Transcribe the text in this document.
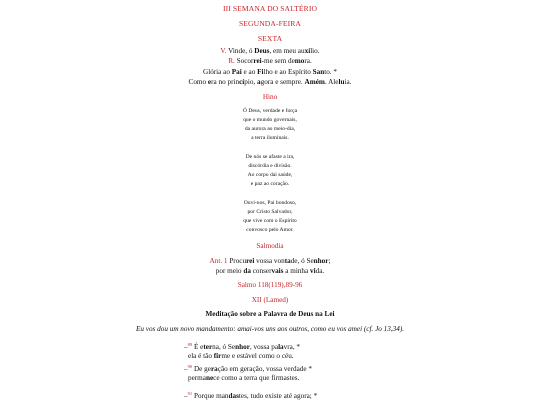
III SEMANA DO SALTÉRIO
SEGUNDA-FEIRA
SEXTA
V. Vinde, ó Deus, em meu auxílio.
R. Socorrei-me sem demora.
Glória ao Pai e ao Filho e ao Espírito Santo. *
Como era no princípio, agora e sempre. Amém. Aleluia.
Hino
Ó Deus, verdade e força
que o mundo governais,
da aurora ao meio-dia,
a terra iluminais.
De nós se afaste a ira,
discórdia e divisão.
Ao corpo dai saúde,
e paz ao coração.
Ouvi-nos, Pai bondoso,
por Cristo Salvador,
que vive com o Espírito
convosco pelo Amor.
Salmodia
Ant. 1 Procurei vossa vontade, ó Senhor;
por meio da conservais a minha vida.
Salmo 118(119),89-96
XII (Lamed)
Meditação sobre a Palavra de Deus na Lei
Eu vos dou um novo mandamento: amai-vos uns aos outros, como eu vos amei (cf. Jo 13,34).
–$^{89}$ É eterna, ó Senhor, vossa palavra, *
ela é tão firme e estável como o céu.
–$^{90}$ De geração em geração, vossa verdade *
permanece como a terra que firmastes.
–$^{91}$ Porque mandastes, tudo existe até agora; *
